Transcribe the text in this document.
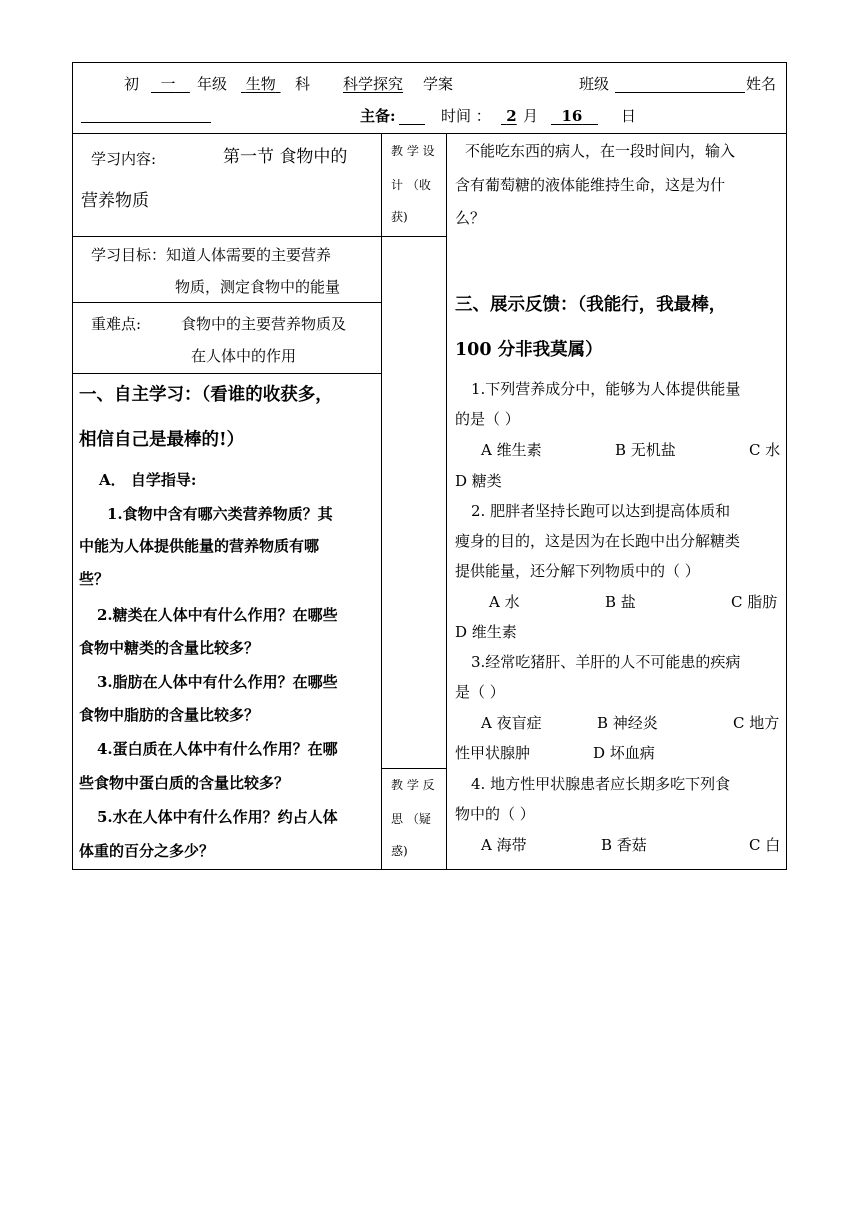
初	一	年级	生物	科 科学探究 学案	班级	姓名
主备:	时间 ：	2 月	16	日
学习内容:	第一节 食物中的
营养物质
学习目标：知道人体需要的主要营养
物质，测定食物中的能量
重难点:	食物中的主要营养物质及
在人体中的作用
一、自主学习：（看谁的收获多，
相信自己是最棒的!）
A． 自学指导:
1.食物中含有哪六类营养物质？其
中能为人体提供能量的营养物质有哪
些？
2.糖类在人体中有什么作用？在哪些
食物中糖类的含量比较多？
3.脂肪在人体中有什么作用？在哪些
食物中脂肪的含量比较多？
4.蛋白质在人体中有什么作用？在哪
些食物中蛋白质的含量比较多？
5.水在人体中有什么作用？约占人体
体重的百分之多少？
教 学 设
计 （收
获)
教 学 反
思 （疑
惑)
不能吃东西的病人，在一段时间内，输入
含有葡萄糖的液体能维持生命，这是为什
么？
三、展示反馈：（我能行，我最棒，
100 分非我莫属）
1.下列营养成分中，能够为人体提供能量
的是（ ）
A 维生素	B 无机盐	C 水
D 糖类
2. 肥胖者坚持长跑可以达到提高体质和
瘦身的目的，这是因为在长跑中出分解糖类
提供能量，还分解下列物质中的（ ）
A 水	B 盐	C 脂肪
D 维生素
3.经常吃猪肝、羊肝的人不可能患的疾病
是（ ）
A 夜盲症	B 神经炎	C 地方
性甲状腺肿	D 坏血病
4. 地方性甲状腺患者应长期多吃下列食
物中的（ ）
A 海带	B 香菇	C 白
